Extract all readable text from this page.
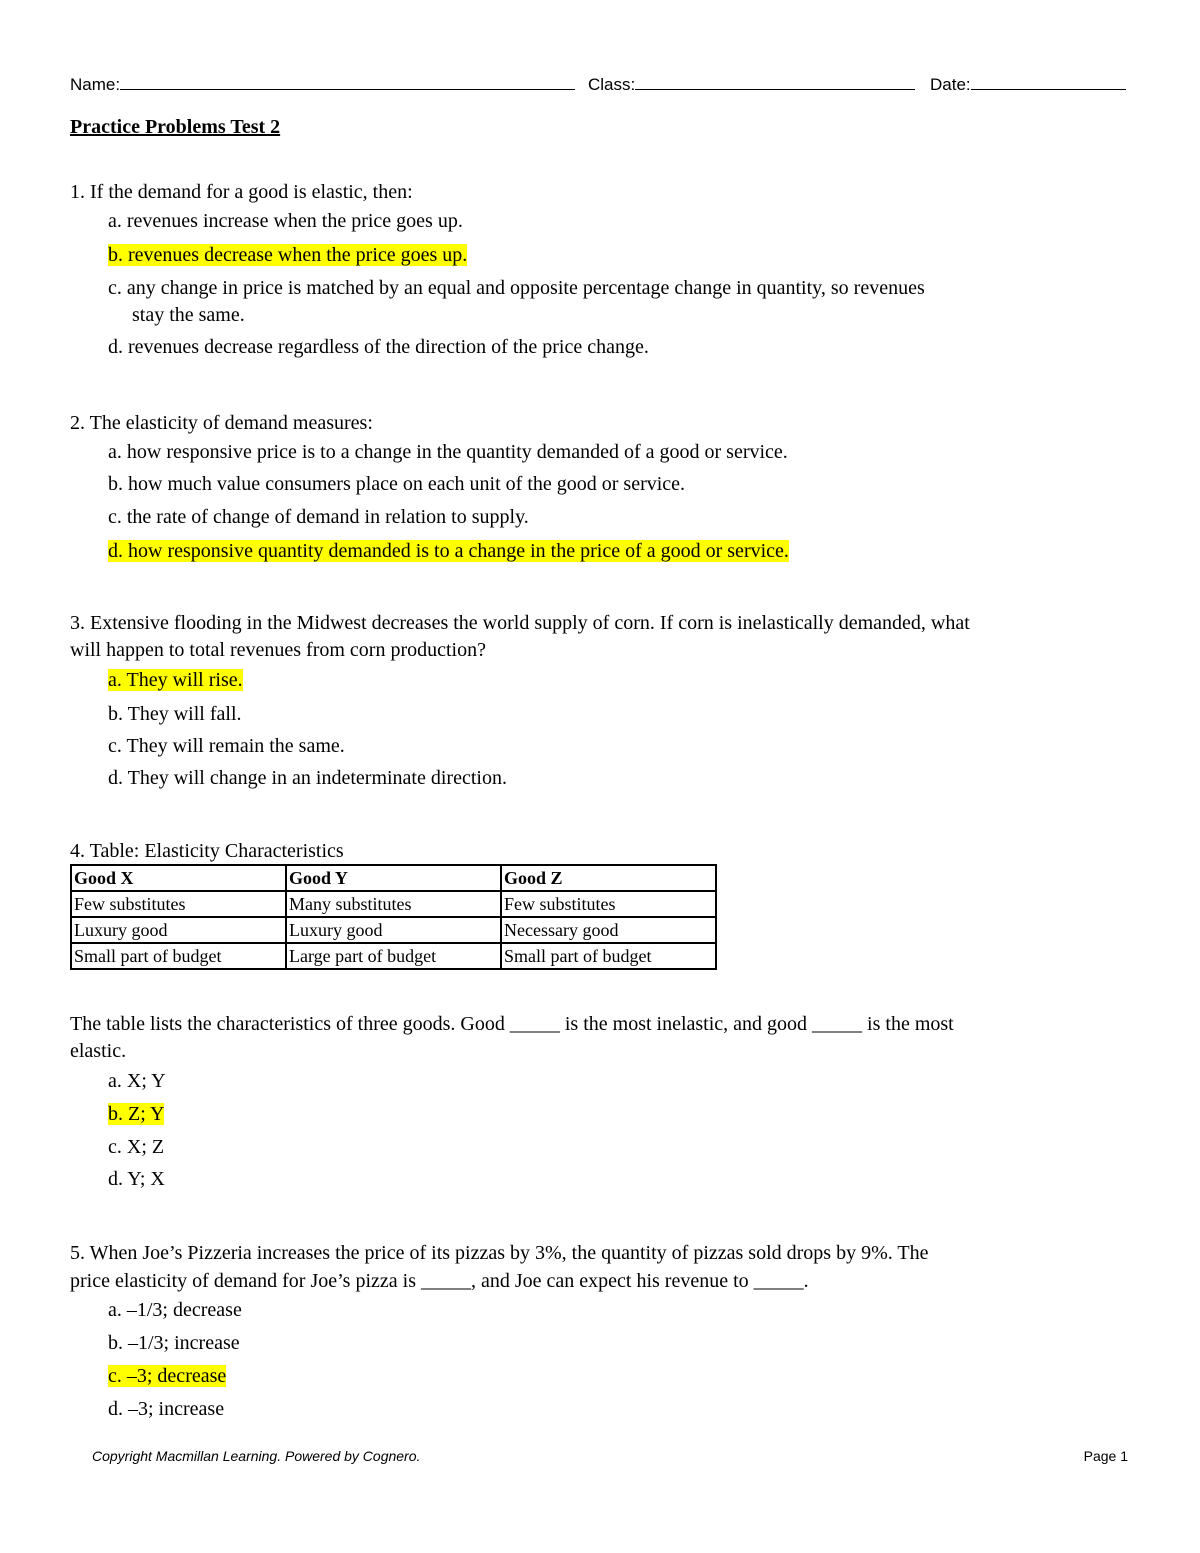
Name:	Class:	Date:
Practice Problems Test 2
1. If the demand for a good is elastic, then:
a. revenues increase when the price goes up.
b. revenues decrease when the price goes up.
c. any change in price is matched by an equal and opposite percentage change in quantity, so revenues
stay the same.
d. revenues decrease regardless of the direction of the price change.
2. The elasticity of demand measures:
a. how responsive price is to a change in the quantity demanded of a good or service.
b. how much value consumers place on each unit of the good or service.
c. the rate of change of demand in relation to supply.
d. how responsive quantity demanded is to a change in the price of a good or service.
3. Extensive flooding in the Midwest decreases the world supply of corn. If corn is inelastically demanded, what
will happen to total revenues from corn production?
a. They will rise.
b. They will fall.
c. They will remain the same.
d. They will change in an indeterminate direction.
4. Table: Elasticity Characteristics
Good X	Good Y	Good Z
Few substitutes	Many substitutes	Few substitutes
Luxury good	Luxury good	Necessary good
Small part of budget	Large part of budget	Small part of budget
The table lists the characteristics of three goods. Good _____ is the most inelastic, and good _____ is the most
elastic.
a. X; Y
b. Z; Y
c. X; Z
d. Y; X
5. When Joe’s Pizzeria increases the price of its pizzas by 3%, the quantity of pizzas sold drops by 9%. The
price elasticity of demand for Joe’s pizza is _____, and Joe can expect his revenue to _____.
a. –1/3; decrease
b. –1/3; increase
c. –3; decrease
d. –3; increase
Copyright Macmillan Learning. Powered by Cognero.	Page 1
